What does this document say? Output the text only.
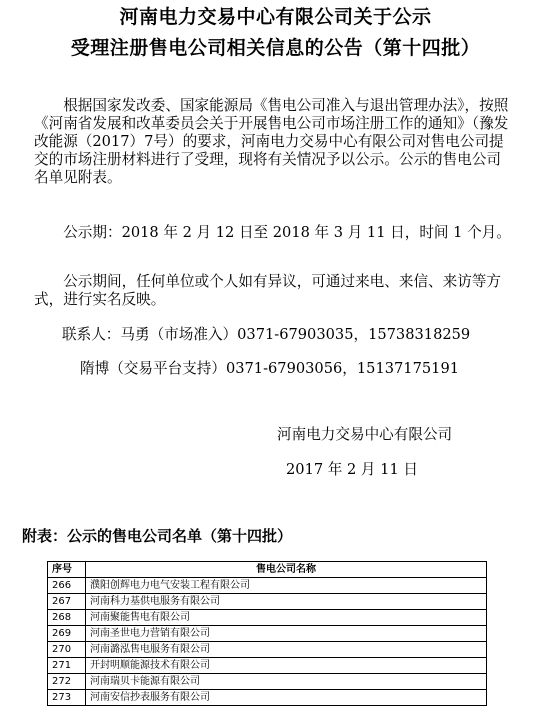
河南电力交易中心有限公司关于公示
受理注册售电公司相关信息的公告（第十四批）
根据国家发改委、国家能源局《售电公司准入与退出管理办法》，按照《河南省发展和改革委员会关于开展售电公司市场注册工作的通知》（豫发改能源（2017）7号）的要求，河南电力交易中心有限公司对售电公司提交的市场注册材料进行了受理，现将有关情况予以公示。公示的售电公司名单见附表。
公示期：2018 年 2 月 12 日至 2018 年 3 月 11 日，时间 1 个月。
公示期间，任何单位或个人如有异议，可通过来电、来信、来访等方式，进行实名反映。
联系人：马勇（市场准入）0371-67903035，15738318259
隋博（交易平台支持）0371-67903056，15137175191
河南电力交易中心有限公司
2017 年 2 月 11 日
附表：公示的售电公司名单（第十四批）
序号	售电公司名称
266	濮阳创辉电力电气安装工程有限公司
267	河南科力基供电服务有限公司
268	河南聚能售电有限公司
269	河南圣世电力营销有限公司
270	河南潞泓售电服务有限公司
271	开封明顺能源技术有限公司
272	河南瑞贝卡能源有限公司
273	河南安信抄表服务有限公司
